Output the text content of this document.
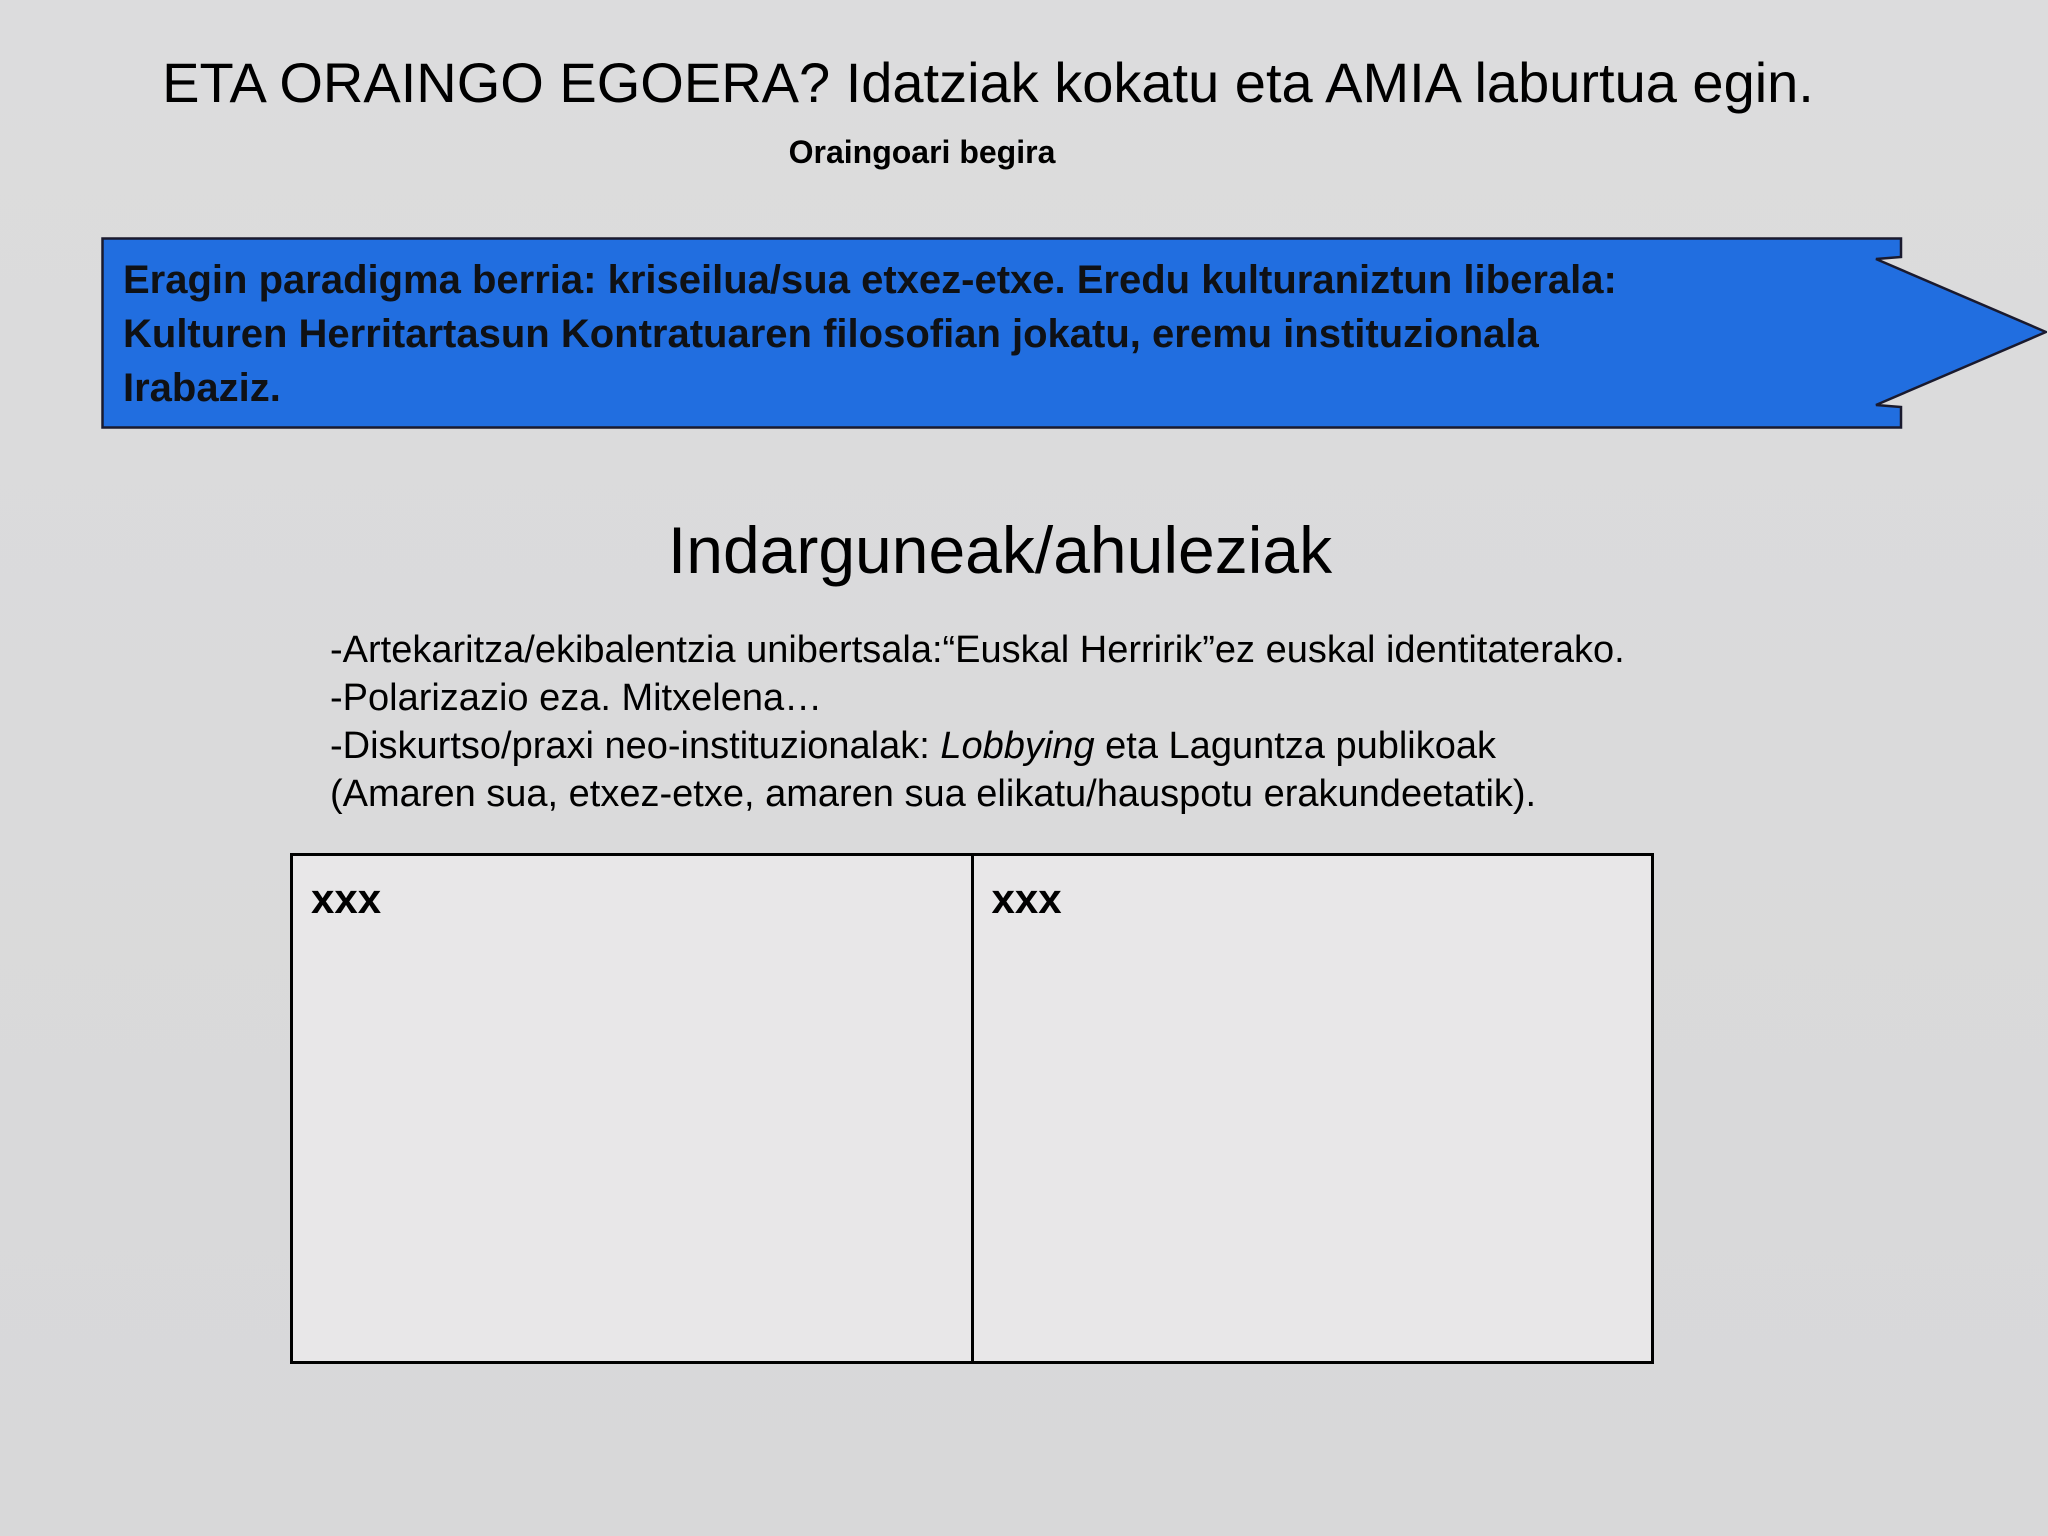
ETA ORAINGO EGOERA? Idatziak kokatu eta AMIA laburtua egin.
Oraingoari begira
Eragin paradigma berria: kriseilua/sua etxez-etxe. Eredu kulturaniztun liberala:
Kulturen Herritartasun Kontratuaren filosofian jokatu, eremu instituzionala
Irabaziz.
Indarguneak/ahuleziak
-Artekaritza/ekibalentzia unibertsala:“Euskal Herririk”ez euskal identitaterako.
-Polarizazio eza. Mitxelena…
-Diskurtso/praxi neo-instituzionalak: Lobbying eta Laguntza publikoak
(Amaren sua, etxez-etxe, amaren sua elikatu/hauspotu erakundeetatik).
xxx	xxx
